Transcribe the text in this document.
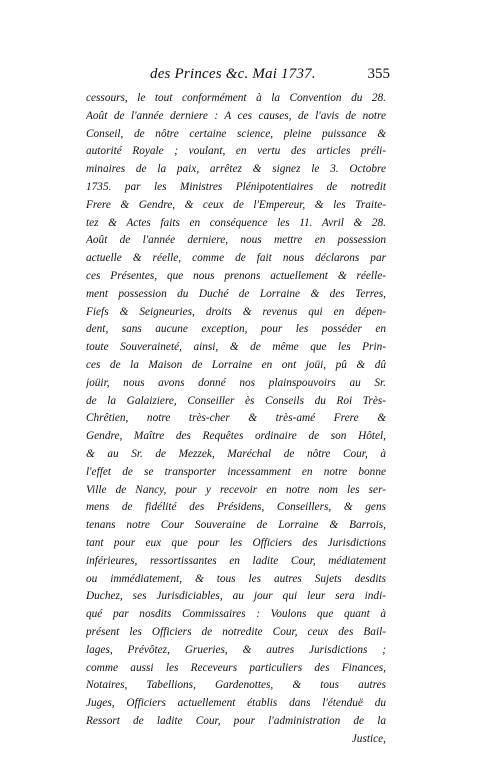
des Princes &c. Mai 1737.	355
cessours, le tout conformément à la Convention du 28.
Août de l'année derniere : A ces causes, de l'avis de notre
Conseil, de nôtre certaine science, pleine puissance &
autorité Royale ; voulant, en vertu des articles préli-
minaires de la paix, arrêtez & signez le 3. Octobre
1735. par les Ministres Plénipotentiaires de notredit
Frere & Gendre, & ceux de l'Empereur, & les Traite-
tez & Actes faits en conséquence les 11. Avril & 28.
Août de l'année derniere, nous mettre en possession
actuelle & réelle, comme de fait nous déclarons par
ces Présentes, que nous prenons actuellement & réelle-
ment possession du Duché de Lorraine & des Terres,
Fiefs & Seigneuries, droits & revenus qui en dépen-
dent, sans aucune exception, pour les posséder en
toute Souveraineté, ainsi, & de même que les Prin-
ces de la Maison de Lorraine en ont joüi, pû & dû
joüir, nous avons donné nos plainspouvoirs au Sr.
de la Galaiziere, Conseiller ès Conseils du Roi Très-
Chrêtien, notre très-cher & très-amé Frere &
Gendre, Maître des Requêtes ordinaire de son Hôtel,
& au Sr. de Mezzek, Maréchal de nôtre Cour, à
l'effet de se transporter incessamment en notre bonne
Ville de Nancy, pour y recevoir en notre nom les ser-
mens de fidélité des Présidens, Conseillers, & gens
tenans notre Cour Souveraine de Lorraine & Barrois,
tant pour eux que pour les Officiers des Jurisdictions
inférieures, ressortissantes en ladite Cour, médiatement
ou immédiatement, & tous les autres Sujets desdits
Duchez, ses Jurisdiciables, au jour qui leur sera indi-
qué par nosdits Commissaires : Voulons que quant à
présent les Officiers de notredite Cour, ceux des Bail-
lages, Prévôtez, Grueries, & autres Jurisdictions ;
comme aussi les Receveurs particuliers des Finances,
Notaires, Tabellions, Gardenottes, & tous autres
Juges, Officiers actuellement établis dans l'étenduë du
Ressort de ladite Cour, pour l'administration de la
Justice,
